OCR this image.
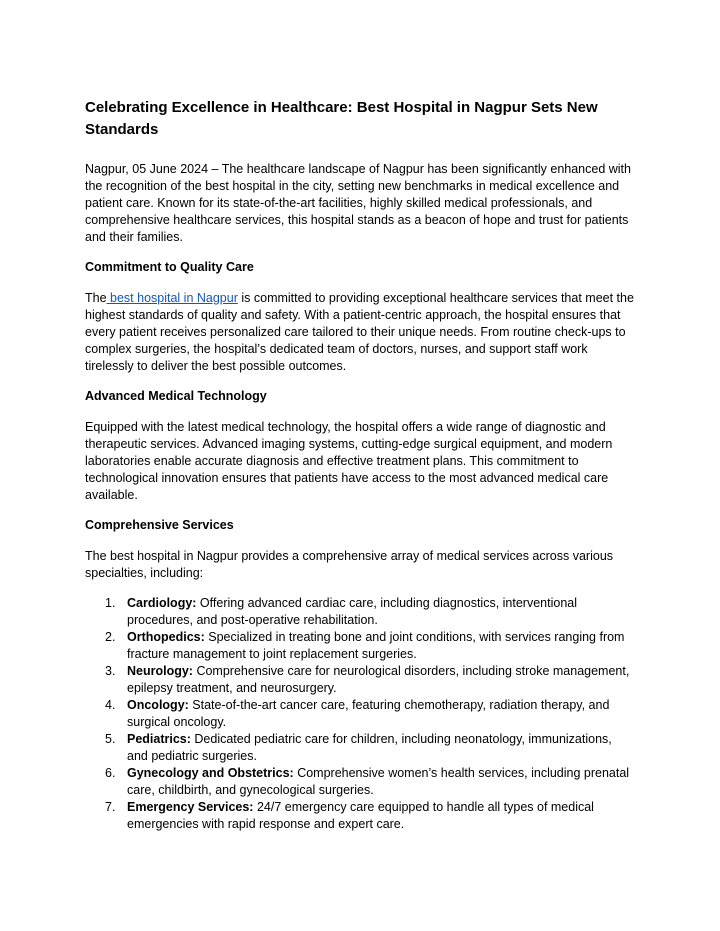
Celebrating Excellence in Healthcare: Best Hospital in Nagpur Sets New Standards

Nagpur, 05 June 2024 – The healthcare landscape of Nagpur has been significantly enhanced with the recognition of the best hospital in the city, setting new benchmarks in medical excellence and patient care. Known for its state-of-the-art facilities, highly skilled medical professionals, and comprehensive healthcare services, this hospital stands as a beacon of hope and trust for patients and their families.

Commitment to Quality Care

The best hospital in Nagpur is committed to providing exceptional healthcare services that meet the highest standards of quality and safety. With a patient-centric approach, the hospital ensures that every patient receives personalized care tailored to their unique needs. From routine check-ups to complex surgeries, the hospital’s dedicated team of doctors, nurses, and support staff work tirelessly to deliver the best possible outcomes.

Advanced Medical Technology

Equipped with the latest medical technology, the hospital offers a wide range of diagnostic and therapeutic services. Advanced imaging systems, cutting-edge surgical equipment, and modern laboratories enable accurate diagnosis and effective treatment plans. This commitment to technological innovation ensures that patients have access to the most advanced medical care available.

Comprehensive Services

The best hospital in Nagpur provides a comprehensive array of medical services across various specialties, including:

1. Cardiology: Offering advanced cardiac care, including diagnostics, interventional procedures, and post-operative rehabilitation.
2. Orthopedics: Specialized in treating bone and joint conditions, with services ranging from fracture management to joint replacement surgeries.
3. Neurology: Comprehensive care for neurological disorders, including stroke management, epilepsy treatment, and neurosurgery.
4. Oncology: State-of-the-art cancer care, featuring chemotherapy, radiation therapy, and surgical oncology.
5. Pediatrics: Dedicated pediatric care for children, including neonatology, immunizations, and pediatric surgeries.
6. Gynecology and Obstetrics: Comprehensive women’s health services, including prenatal care, childbirth, and gynecological surgeries.
7. Emergency Services: 24/7 emergency care equipped to handle all types of medical emergencies with rapid response and expert care.
